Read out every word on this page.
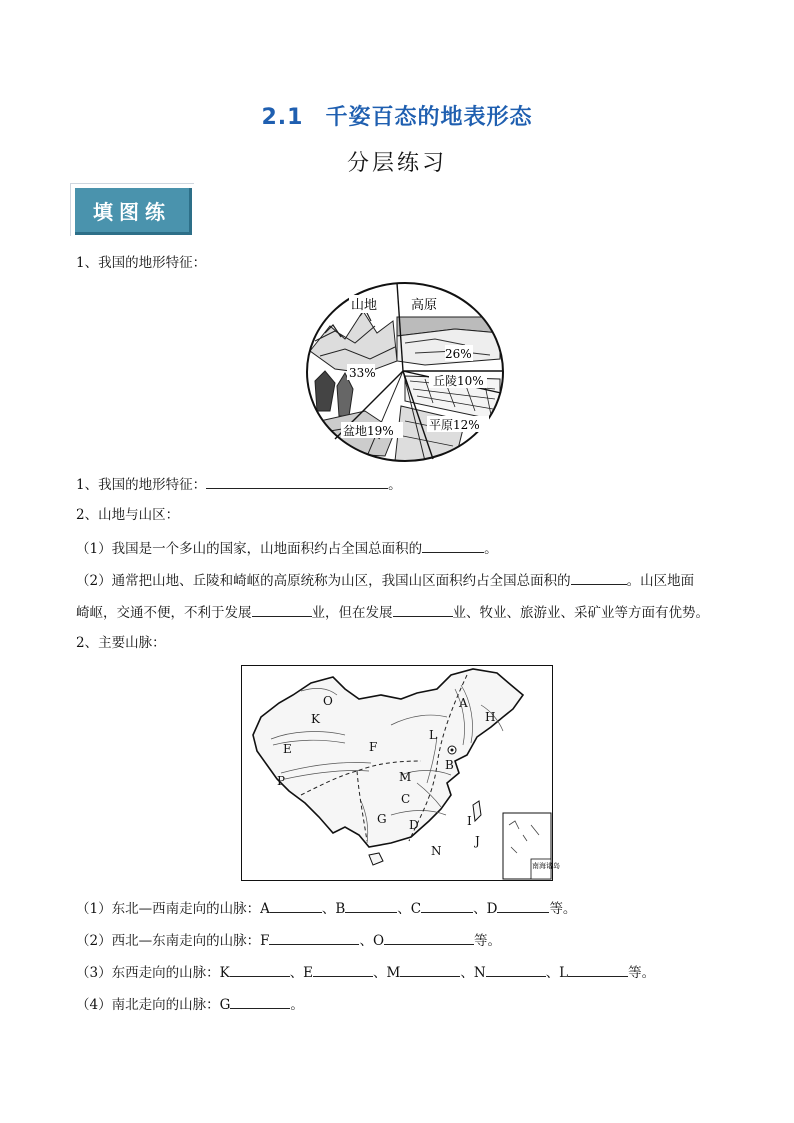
2.1 千姿百态的地表形态
分层练习
填图练
1、我国的地形特征：
山地	高原
26%
33%
丘陵10%
盆地19%	平原12%
1、我国的地形特征：	。
2、山地与山区：
（1）我国是一个多山的国家，山地面积约占全国总面积的	。
（2）通常把山地、丘陵和崎岖的高原统称为山区，我国山区面积约占全国总面积的	。山区地面
崎岖，交通不便，不利于发展	业，但在发展	业、牧业、旅游业、采矿业等方面有优势。
2、主要山脉：
南海诸岛
A
B
C
D
E	F
G
H
I
J
K
L
M
N
O
P
（1）东北—西南走向的山脉：A	、B	、C	、D	等。
（2）西北—东南走向的山脉：F	、O	等。
（3）东西走向的山脉：K	、E	、M	、N	、L	等。
（4）南北走向的山脉：G	。
